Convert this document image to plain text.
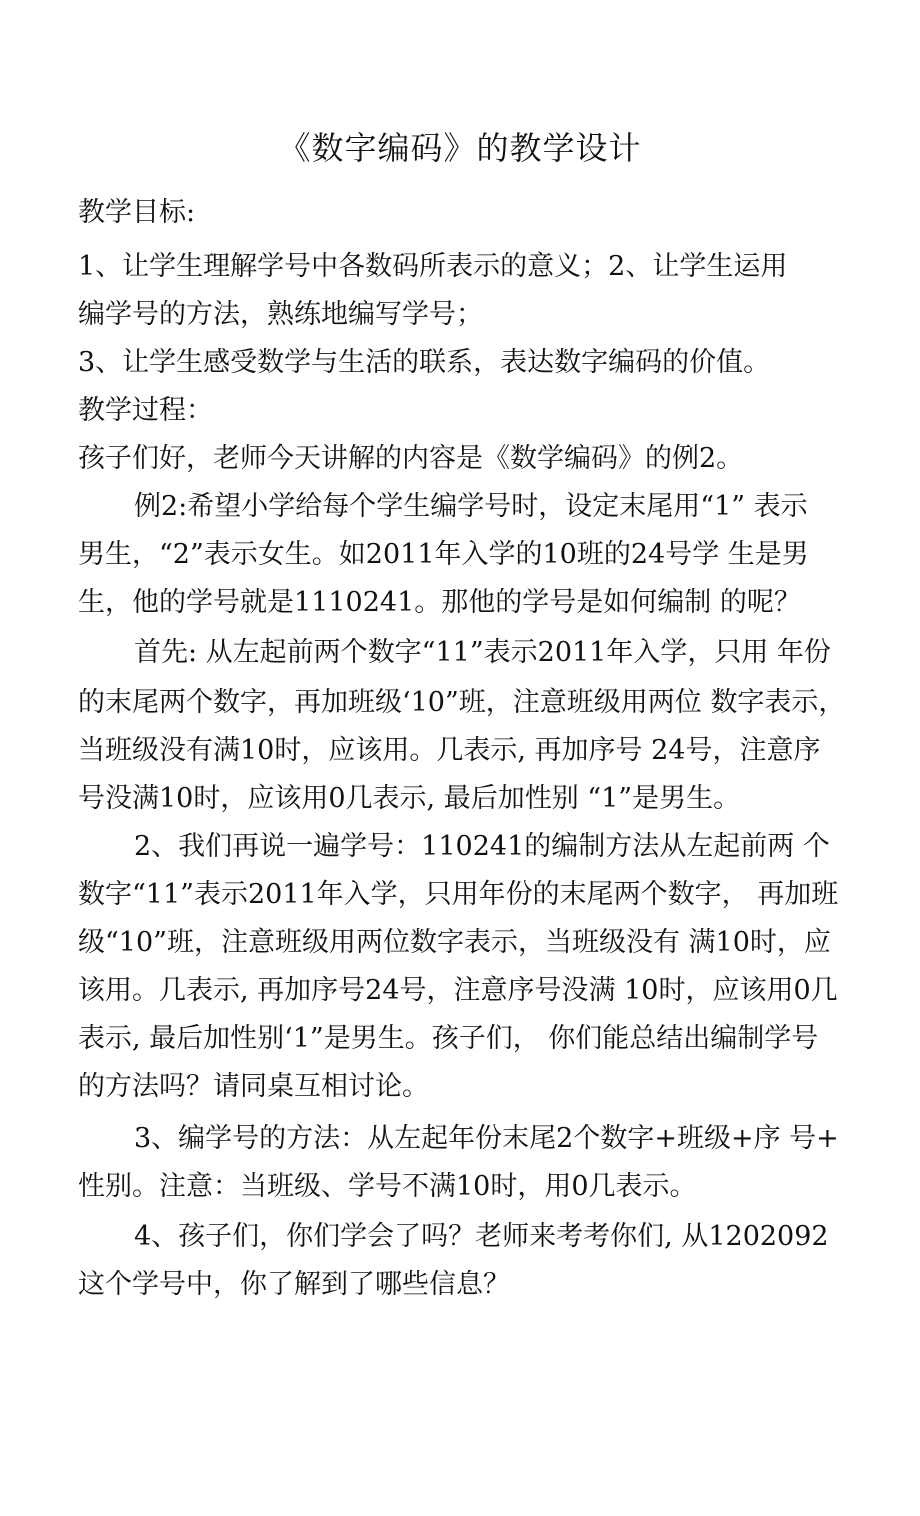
《数字编码》的教学设计

教学目标:

1、让学生理解学号中各数码所表示的意义；2、让学生运用

编学号的方法，熟练地编写学号；

3、让学生感受数学与生活的联系，表达数字编码的价值。

教学过程：

孩子们好，老师今天讲解的内容是《数学编码》的例2。

例2:希望小学给每个学生编学号时，设定末尾用“1” 表示

男生，“2”表示女生。如2011年入学的10班的24号学 生是男

生，他的学号就是1110241。那他的学号是如何编制 的呢？

首先: 从左起前两个数字“11”表示2011年入学，只用 年份

的末尾两个数字，再加班级‘10”班，注意班级用两位 数字表示，

当班级没有满10时，应该用。几表示, 再加序号 24号，注意序

号没满10时，应该用0几表示, 最后加性别 “1”是男生。

2、我们再说一遍学号：110241的编制方法从左起前两 个

数字“11”表示2011年入学，只用年份的末尾两个数字， 再加班

级“10”班，注意班级用两位数字表示，当班级没有 满10时，应

该用。几表示, 再加序号24号，注意序号没满 10时，应该用0几

表示, 最后加性别‘1”是男生。孩子们， 你们能总结出编制学号

的方法吗？请同桌互相讨论。

3、编学号的方法：从左起年份末尾2个数字+班级+序 号+

性别。注意：当班级、学号不满10时，用0几表示。

4、孩子们，你们学会了吗？老师来考考你们, 从1202092

这个学号中，你了解到了哪些信息？
